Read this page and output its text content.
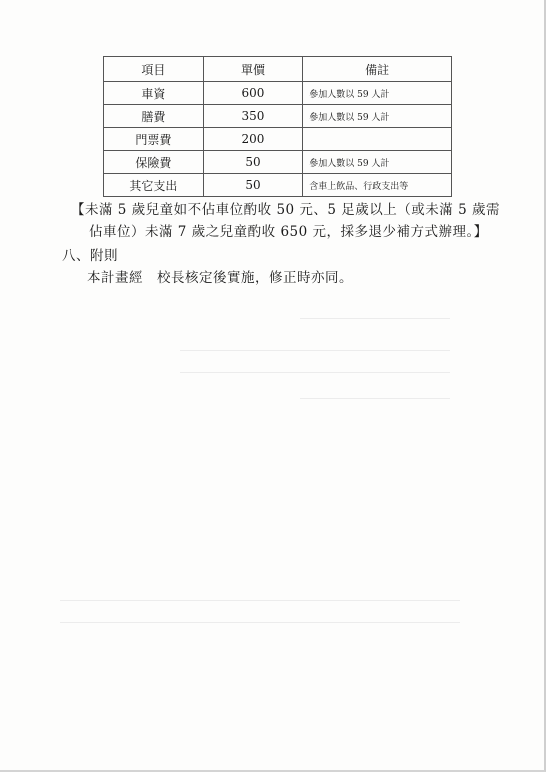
項目	單價	備註
車資	600	參加人數以 59 人計
膳費	350	參加人數以 59 人計
門票費	200	
保險費	50	參加人數以 59 人計
其它支出	50	含車上飲品、行政支出等
【未滿 5 歲兒童如不佔車位酌收 50 元、5 足歲以上（或未滿 5 歲需
佔車位）未滿 7 歲之兒童酌收 650 元，採多退少補方式辦理。】
八、附則
本計畫經　校長核定後實施，修正時亦同。
